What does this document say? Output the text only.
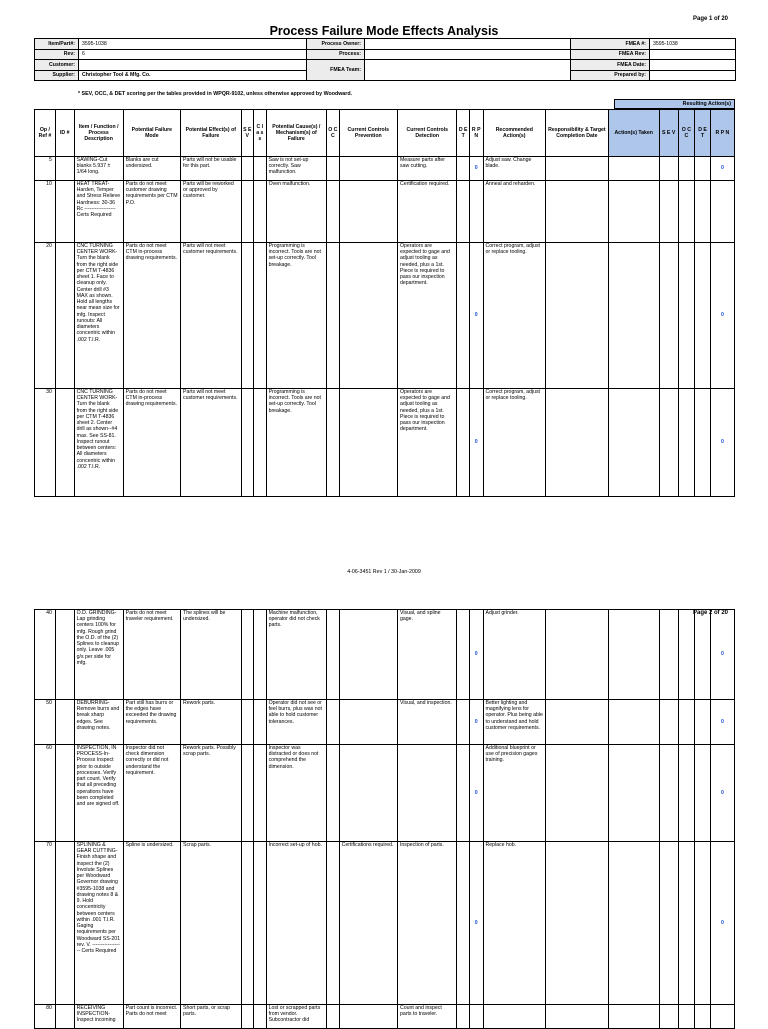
Page 1 of 20
Process Failure Mode Effects Analysis
Item/Part#:	3595-1038	Process Owner:		FMEA #:	3595-1038
Rev:	6	Process:		FMEA Rev:	
Customer:		FMEA Team:		FMEA Date:	
Supplier:	Christopher Tool & Mfg. Co.			Prepared by:	
* SEV, OCC, & DET scoring per the tables provided in WPQR-9102, unless otherwise approved by Woodward.
Resulting Action(s)
Op / Ref #	ID #	Item / Function / Process Description	Potential Failure Mode	Potential Effect(s) of Failure	S E V	C l a s s	Potential Cause(s) / Mechanism(s) of Failure	O C C	Current Controls Prevention	Current Controls Detection	D E T	R P N	Recommended Action(s)	Responsibility & Target Completion Date	Action(s) Taken	S E V	O C C	D E T	R P N
5		SAWING-Cut blanks 5.937 ± 1/64 long.	Blanks are cut undersized.	Parts will not be usable for this part.			Saw is not set-up correctly. Saw malfunction.			Measure parts after saw cutting.		0	Adjust saw. Change blade.						0
10		HEAT TREAT-Harden, Temper and Stress Relieve Hardness: 30-36 Rc ------------------ Certs Required	Parts do not meet customer drawing requirements per CTM P.O.	Parts will be reworked or approved by customer.			Oven malfunction.			Certification required.			Anneal and reharden.						
20		CNC TURNING CENTER WORK-Turn the blank from the right side per CTM T-4836 sheet 1. Face to cleanup only. Center drill #3 MAX as shown. Hold all lengths near mean size for mfg. Inspect runouts: All diameters concentric within .002 T.I.R.	Parts do not meet CTM in-process drawing requirements.	Parts will not meet customer requirements.			Programming is incorrect. Tools are not set-up correctly. Tool breakage.			Operators are expected to gage and adjust tooling as needed, plus a 1st. Piece is required to pass our inspection department.		0	Correct program, adjust or replace tooling.						0
30		CNC TURNING CENTER WORK-Turn the blank from the right side per CTM T-4836 sheet 2. Center drill as shown--#4 max. See SS-81. Inspect runout between centers: All diameters concentric within .002 T.I.R.	Parts do not meet CTM in-process drawing requirements.	Parts will not meet customer requirements.			Programming is incorrect. Tools are not set-up correctly. Tool breakage.			Operators are expected to gage and adjust tooling as needed, plus a 1st. Piece is required to pass our inspection department.		0	Correct program, adjust or replace tooling.						0
4-06-3451 Rev 1 / 30-Jan-2009
Page 2 of 20
40		O.D. GRINDING-Lap grinding centers 100% for mfg. Rough grind the O.D. of the (2) Splines to cleanup only. Leave .005 g/s per side for mfg.	Parts do not meet traveler requirement.	The splines will be undersized.			Machine malfunction, operator did not check parts.			Visual, and spline gage.		0	Adjust grinder.						0
50		DEBURRING-Remove burrs and break sharp edges. See drawing notes.	Part still has burrs or the edges have exceeded the drawing requirements.	Rework parts.			Operator did not see or feel burrs, plus was not able to hold customer tolerances.			Visual, and inspection.		0	Better lighting and magnifying lens for operator. Plus being able to understand and hold customer requirements.						0
60		INSPECTION, IN PROCESS-In-Process Inspect prior to outside processes. Verify part count. Verify that all preceding operations have been completed and are signed off.	Inspector did not check dimension correctly or did not understand the requirement.	Rework parts. Possibly scrap parts.			Inspector was distracted or does not comprehend the dimension.					0	Additional blueprint or use of precision gages training.						0
70		SPLINING & GEAR CUTTING-Finish shape and inspect the (2) Involute Splines per Woodward Governor drawing #3595-1038 and drawing notes 8 & 9. Hold concentricity between centers within .001 T.I.R. Gaging requirements per Woodward SS-201 rev. V. ------------------ Certs Required	Spline is undersized.	Scrap parts.			Incorrect set-up of hob.		Certifications required.	Inspection of parts.		0	Replace hob.						0
80		RECEIVING INSPECTION-Inspect incoming	Part count is incorrect. Parts do not meet	Short parts, or scrap parts.			Lost or scrapped parts from vendor. Subcontractor did			Count and inspect parts to traveler.									
